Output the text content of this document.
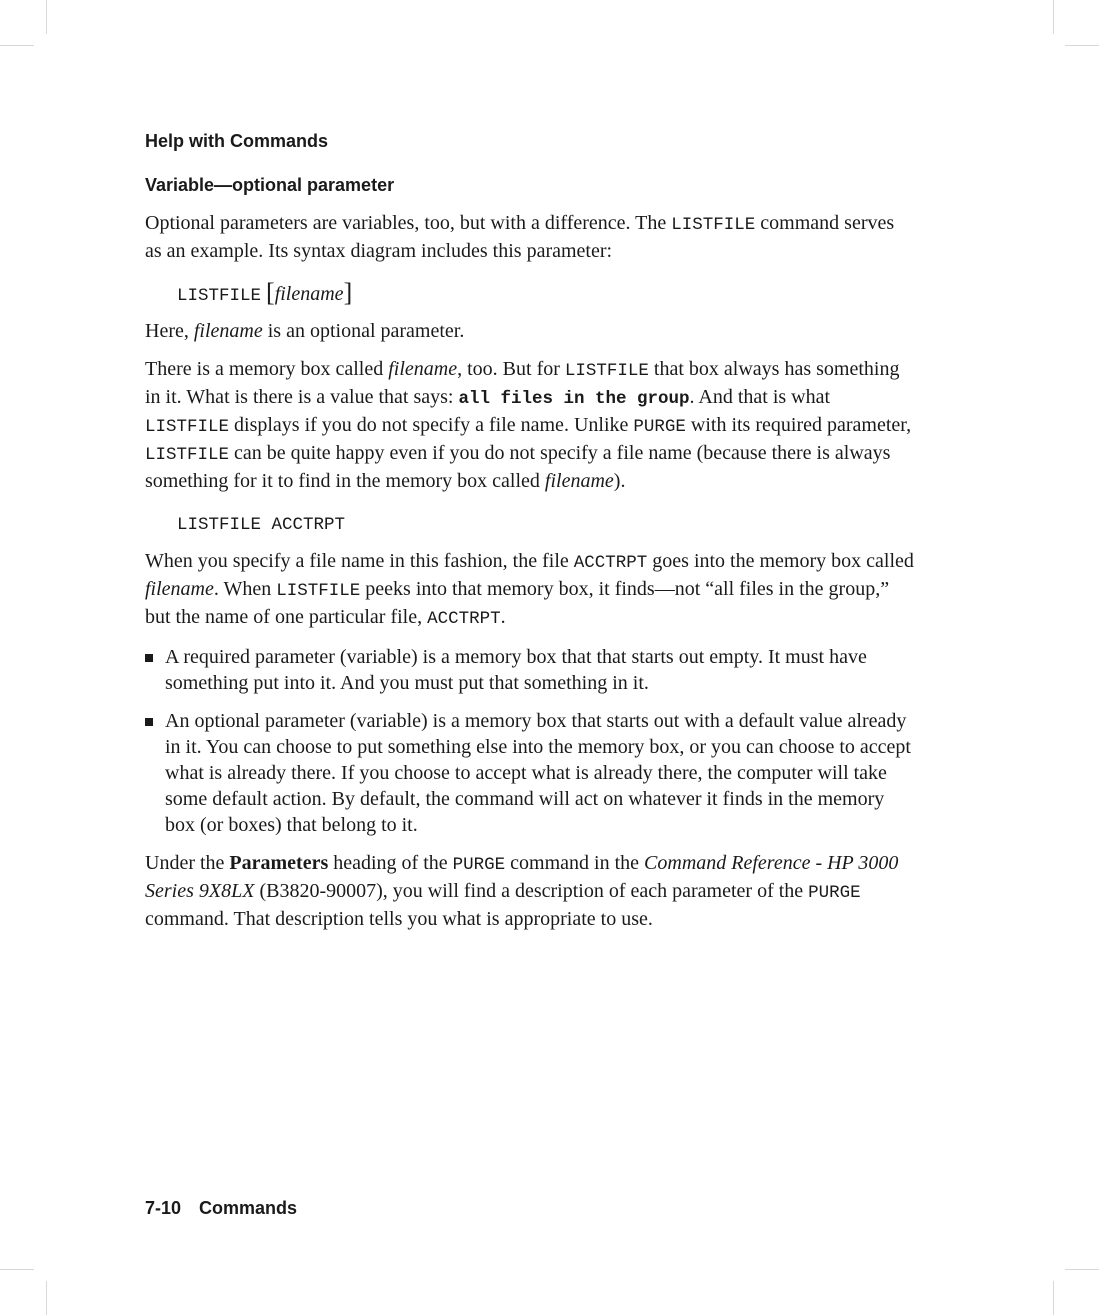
Help with Commands
Variable—optional parameter

Optional parameters are variables, too, but with a difference. The LISTFILE command serves as an example. Its syntax diagram includes this parameter:

LISTFILE [filename]

Here, filename is an optional parameter.

There is a memory box called filename, too. But for LISTFILE that box always has something in it. What is there is a value that says: all files in the group. And that is what LISTFILE displays if you do not specify a file name. Unlike PURGE with its required parameter, LISTFILE can be quite happy even if you do not specify a file name (because there is always something for it to find in the memory box called filename).

LISTFILE ACCTRPT

When you specify a file name in this fashion, the file ACCTRPT goes into the memory box called filename. When LISTFILE peeks into that memory box, it finds—not “all files in the group,” but the name of one particular file, ACCTRPT.

A required parameter (variable) is a memory box that that starts out empty. It must have something put into it. And you must put that something in it.
An optional parameter (variable) is a memory box that starts out with a default value already in it. You can choose to put something else into the memory box, or you can choose to accept what is already there. If you choose to accept what is already there, the computer will take some default action. By default, the command will act on whatever it finds in the memory box (or boxes) that belong to it.

Under the Parameters heading of the PURGE command in the Command Reference - HP 3000 Series 9X8LX (B3820-90007), you will find a description of each parameter of the PURGE command. That description tells you what is appropriate to use.

7-10 Commands
